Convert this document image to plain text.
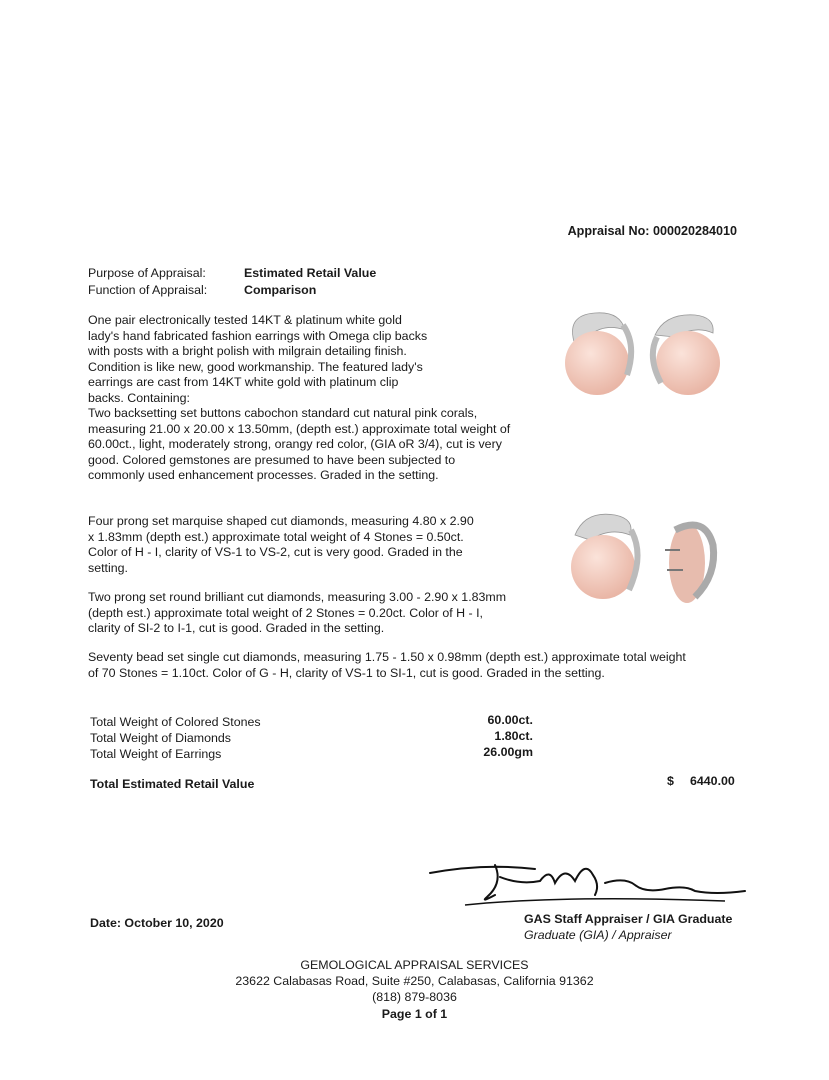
Appraisal No: 000020284010
Purpose of Appraisal:	Estimated Retail Value
Function of Appraisal:	Comparison

One pair electronically tested 14KT & platinum white gold lady's hand fabricated fashion earrings with Omega clip backs with posts with a bright polish with milgrain detailing finish. Condition is like new, good workmanship. The featured lady's earrings are cast from 14KT white gold with platinum clip backs. Containing:

Two backsetting set buttons cabochon standard cut natural pink corals, measuring 21.00 x 20.00 x 13.50mm, (depth est.) approximate total weight of 60.00ct., light, moderately strong, orangy red color, (GIA oR 3/4), cut is very good. Colored gemstones are presumed to have been subjected to commonly used enhancement processes. Graded in the setting.

Four prong set marquise shaped cut diamonds, measuring 4.80 x 2.90 x 1.83mm (depth est.) approximate total weight of 4 Stones = 0.50ct. Color of H - I, clarity of VS-1 to VS-2, cut is very good. Graded in the setting.

Two prong set round brilliant cut diamonds, measuring 3.00 - 2.90 x 1.83mm (depth est.) approximate total weight of 2 Stones = 0.20ct. Color of H - I, clarity of SI-2 to I-1, cut is good. Graded in the setting.

Seventy bead set single cut diamonds, measuring 1.75 - 1.50 x 0.98mm (depth est.) approximate total weight of 70 Stones = 1.10ct. Color of G - H, clarity of VS-1 to SI-1, cut is good. Graded in the setting.

Total Weight of Colored Stones	60.00ct.
Total Weight of Diamonds	1.80ct.
Total Weight of Earrings	26.00gm
Total Estimated Retail Value	$ 6440.00
GAS Staff Appraiser / GIA Graduate
Graduate (GIA) / Appraiser
Date: October 10, 2020
GEMOLOGICAL APPRAISAL SERVICES
23622 Calabasas Road, Suite #250, Calabasas, California 91362
(818) 879-8036
Page 1 of 1
